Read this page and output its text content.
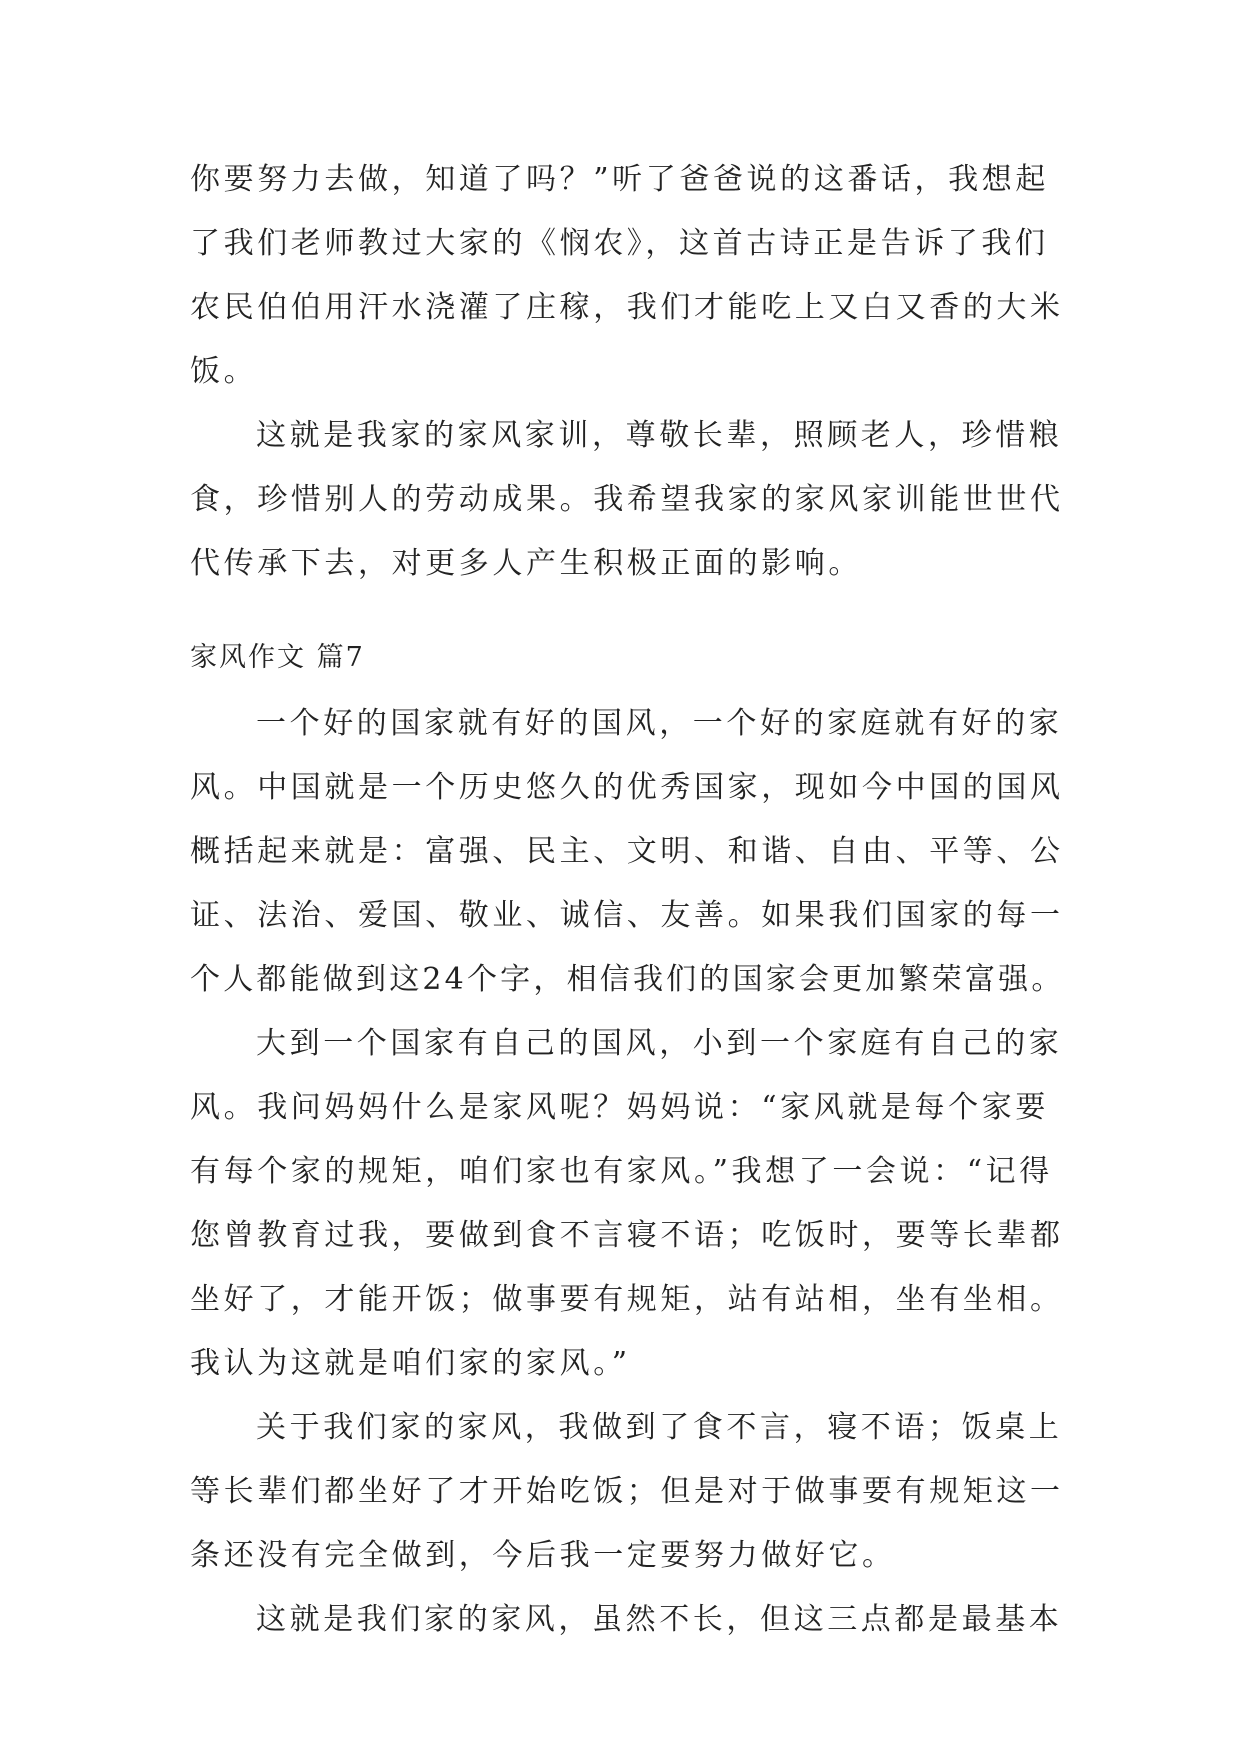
你要努力去做，知道了吗？”听了爸爸说的这番话，我想起
了我们老师教过大家的《悯农》，这首古诗正是告诉了我们
农民伯伯用汗水浇灌了庄稼，我们才能吃上又白又香的大米
饭。
这就是我家的家风家训，尊敬长辈，照顾老人，珍惜粮
食，珍惜别人的劳动成果。我希望我家的家风家训能世世代
代传承下去，对更多人产生积极正面的影响。
家风作文 篇7
一个好的国家就有好的国风，一个好的家庭就有好的家
风。中国就是一个历史悠久的优秀国家，现如今中国的国风
概括起来就是：富强、民主、文明、和谐、自由、平等、公
证、法治、爱国、敬业、诚信、友善。如果我们国家的每一
个人都能做到这24个字，相信我们的国家会更加繁荣富强。
大到一个国家有自己的国风，小到一个家庭有自己的家
风。我问妈妈什么是家风呢？妈妈说：“家风就是每个家要
有每个家的规矩，咱们家也有家风。”我想了一会说：“记得
您曾教育过我，要做到食不言寝不语；吃饭时，要等长辈都
坐好了，才能开饭；做事要有规矩，站有站相，坐有坐相。
我认为这就是咱们家的家风。”
关于我们家的家风，我做到了食不言，寝不语；饭桌上
等长辈们都坐好了才开始吃饭；但是对于做事要有规矩这一
条还没有完全做到，今后我一定要努力做好它。
这就是我们家的家风，虽然不长，但这三点都是最基本
